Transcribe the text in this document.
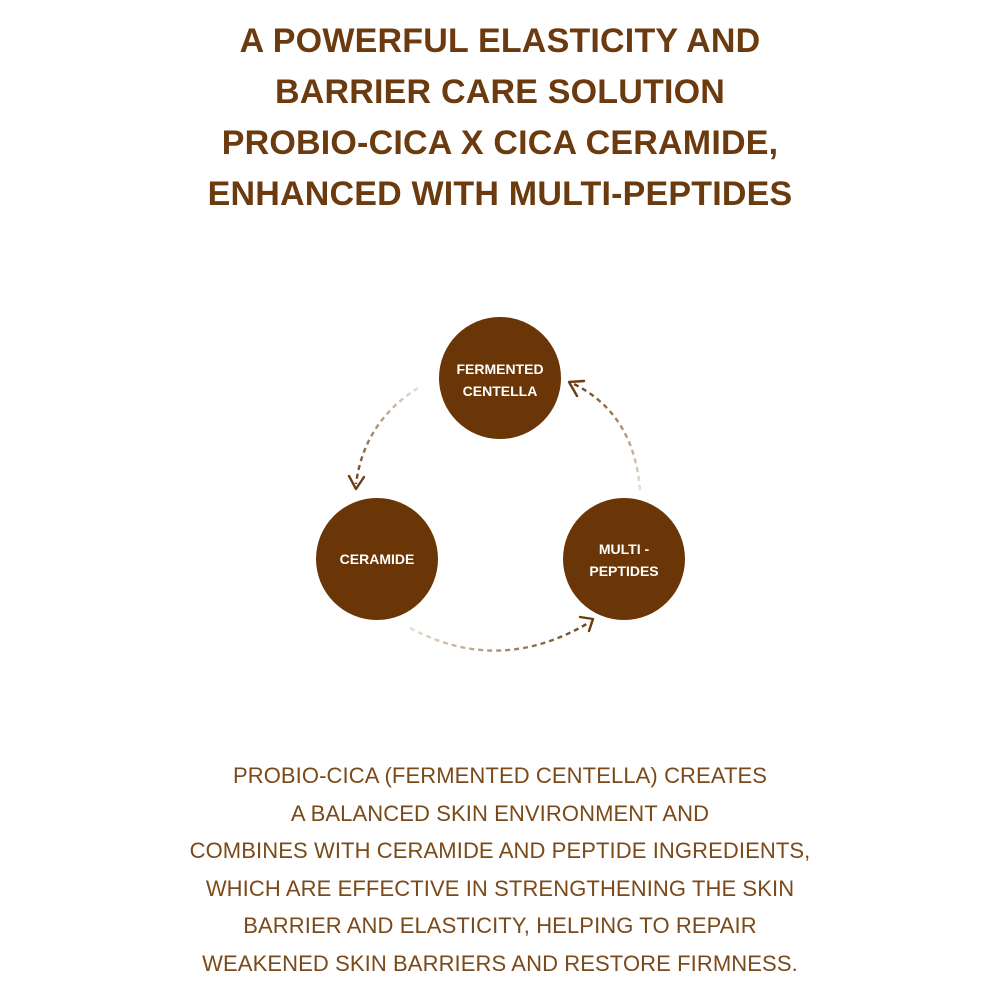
A POWERFUL ELASTICITY AND
BARRIER CARE SOLUTION
PROBIO-CICA X CICA CERAMIDE,
ENHANCED WITH MULTI-PEPTIDES
FERMENTED
CENTELLA
CERAMIDE
MULTI -
PEPTIDES

PROBIO-CICA (FERMENTED CENTELLA) CREATES
A BALANCED SKIN ENVIRONMENT AND
COMBINES WITH CERAMIDE AND PEPTIDE INGREDIENTS,
WHICH ARE EFFECTIVE IN STRENGTHENING THE SKIN
BARRIER AND ELASTICITY, HELPING TO REPAIR
WEAKENED SKIN BARRIERS AND RESTORE FIRMNESS.
